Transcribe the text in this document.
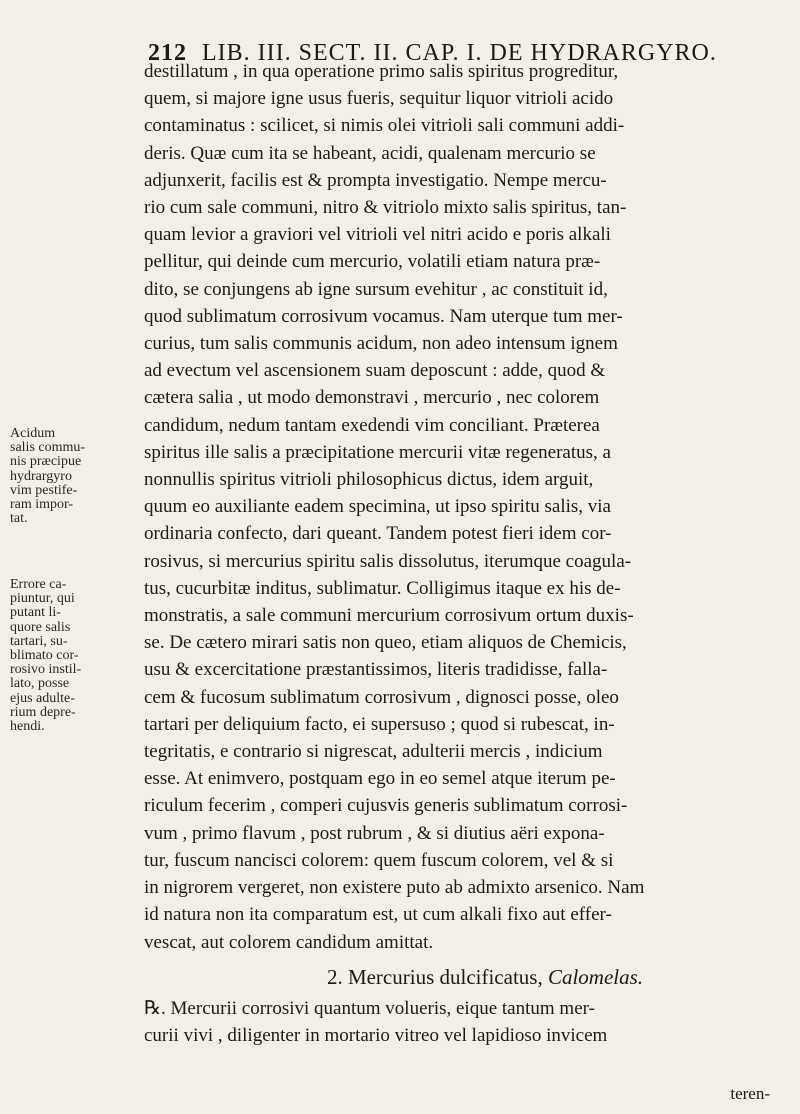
212 LIB. III. SECT. II. CAP. I. DE HYDRARGYRO.
Acidum
salis commu-
nis præcipue
hydrargyro
vim pestife-
ram impor-
tat.
Errore ca-
piuntur, qui
putant li-
quore salis
tartari, su-
blimato cor-
rosivo instil-
lato, posse
ejus adulte-
rium depre-
hendi.
destillatum , in qua operatione primo salis spiritus progreditur,
quem, si majore igne usus fueris, sequitur liquor vitrioli acido
contaminatus : scilicet, si nimis olei vitrioli sali communi addi-
deris. Quæ cum ita se habeant, acidi, qualenam mercurio se
adjunxerit, facilis est & prompta investigatio. Nempe mercu-
rio cum sale communi, nitro & vitriolo mixto salis spiritus, tan-
quam levior a graviori vel vitrioli vel nitri acido e poris alkali
pellitur, qui deinde cum mercurio, volatili etiam natura præ-
dito, se conjungens ab igne sursum evehitur , ac constituit id,
quod sublimatum corrosivum vocamus. Nam uterque tum mer-
curius, tum salis communis acidum, non adeo intensum ignem
ad evectum vel ascensionem suam deposcunt : adde, quod &
cætera salia , ut modo demonstravi , mercurio , nec colorem
candidum, nedum tantam exedendi vim conciliant. Præterea
spiritus ille salis a præcipitatione mercurii vitæ regeneratus, a
nonnullis spiritus vitrioli philosophicus dictus, idem arguit,
quum eo auxiliante eadem specimina, ut ipso spiritu salis, via
ordinaria confecto, dari queant. Tandem potest fieri idem cor-
rosivus, si mercurius spiritu salis dissolutus, iterumque coagula-
tus, cucurbitæ inditus, sublimatur. Colligimus itaque ex his de-
monstratis, a sale communi mercurium corrosivum ortum duxis-
se. De cætero mirari satis non queo, etiam aliquos de Chemicis,
usu & excercitatione præstantissimos, literis tradidisse, falla-
cem & fucosum sublimatum corrosivum , dignosci posse, oleo
tartari per deliquium facto, ei supersuso ; quod si rubescat, in-
tegritatis, e contrario si nigrescat, adulterii mercis , indicium
esse. At enimvero, postquam ego in eo semel atque iterum pe-
riculum fecerim , comperi cujusvis generis sublimatum corrosi-
vum , primo flavum , post rubrum , & si diutius aëri expona-
tur, fuscum nancisci colorem: quem fuscum colorem, vel & si
in nigrorem vergeret, non existere puto ab admixto arsenico. Nam
id natura non ita comparatum est, ut cum alkali fixo aut effer-
vescat, aut colorem candidum amittat.
2. Mercurius dulcificatus, Calomelas.
℞. Mercurii corrosivi quantum volueris, eique tantum mer-
curii vivi , diligenter in mortario vitreo vel lapidioso invicem
teren-
